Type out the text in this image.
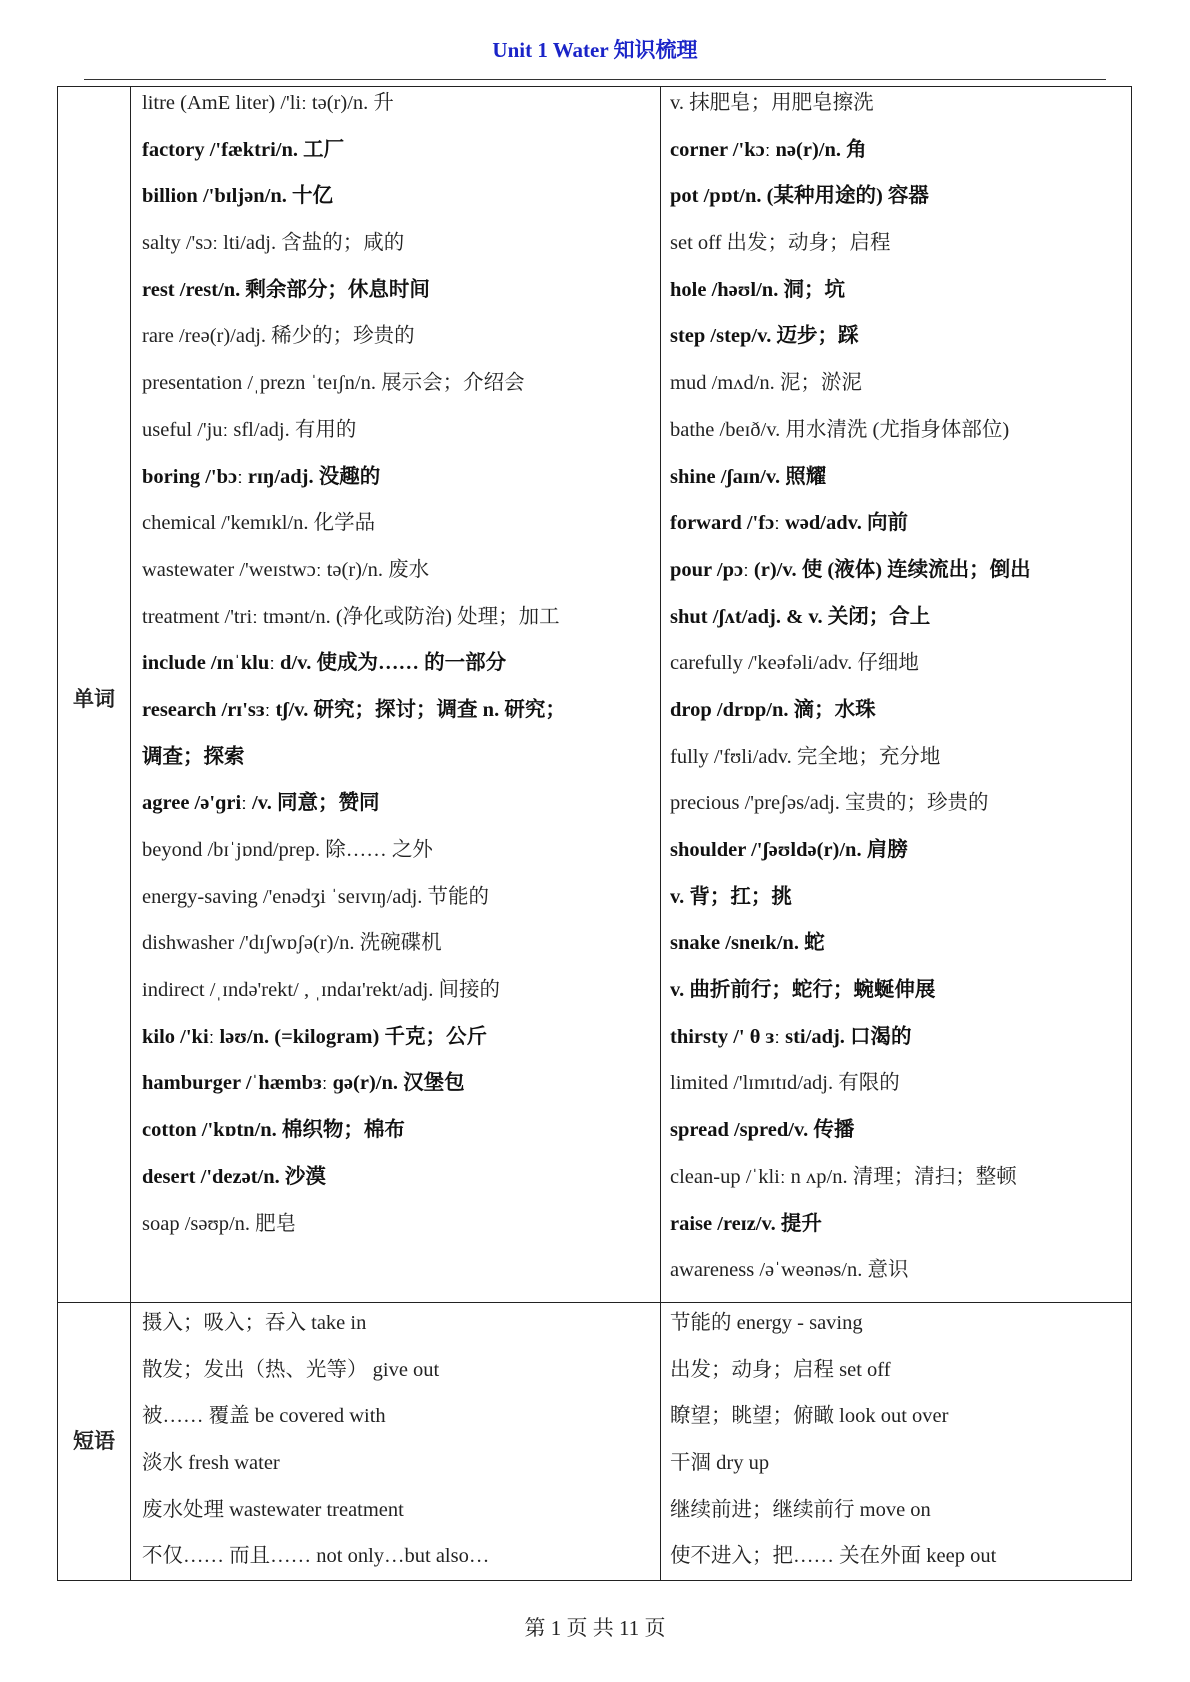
Unit 1 Water 知识梳理
单词
短语
litre (AmE liter) /'liː tə(r)/n. 升
factory /'fæktri/n. 工厂
billion /'bɪljən/n. 十亿
salty /'sɔː lti/adj. 含盐的；咸的
rest /rest/n. 剩余部分；休息时间
rare /reə(r)/adj. 稀少的；珍贵的
presentation /ˌprezn ˈteɪʃn/n. 展示会；介绍会
useful /'juː sfl/adj. 有用的
boring /'bɔː rɪŋ/adj. 没趣的
chemical /'kemɪkl/n. 化学品
wastewater /'weɪstwɔː tə(r)/n. 废水
treatment /'triː tmənt/n. (净化或防治) 处理；加工
include /ɪnˈkluː d/v. 使成为…… 的一部分
research /rɪ'sɜː tʃ/v. 研究；探讨；调查 n. 研究；
调查；探索
agree /ə'ɡriː /v. 同意；赞同
beyond /bɪˈjɒnd/prep. 除…… 之外
energy-saving /'enədʒi ˈseɪvɪŋ/adj. 节能的
dishwasher /'dɪʃwɒʃə(r)/n. 洗碗碟机
indirect /ˌɪndə'rekt/ , ˌɪndaɪ'rekt/adj. 间接的
kilo /'kiː ləʊ/n. (=kilogram) 千克；公斤
hamburger /ˈhæmbɜː ɡə(r)/n. 汉堡包
cotton /'kɒtn/n. 棉织物；棉布
desert /'dezət/n. 沙漠
soap /səʊp/n. 肥皂
v. 抹肥皂；用肥皂擦洗
corner /'kɔː nə(r)/n. 角
pot /pɒt/n. (某种用途的) 容器
set off 出发；动身；启程
hole /həʊl/n. 洞；坑
step /step/v. 迈步；踩
mud /mʌd/n. 泥；淤泥
bathe /beɪð/v. 用水清洗 (尤指身体部位)
shine /ʃaɪn/v. 照耀
forward /'fɔː wəd/adv. 向前
pour /pɔː (r)/v. 使 (液体) 连续流出；倒出
shut /ʃʌt/adj. & v. 关闭；合上
carefully /'keəfəli/adv. 仔细地
drop /drɒp/n. 滴；水珠
fully /'fʊli/adv. 完全地；充分地
precious /'preʃəs/adj. 宝贵的；珍贵的
shoulder /'ʃəʊldə(r)/n. 肩膀
v. 背；扛；挑
snake /sneɪk/n. 蛇
v. 曲折前行；蛇行；蜿蜒伸展
thirsty /' θ ɜː sti/adj. 口渴的
limited /'lɪmɪtɪd/adj. 有限的
spread /spred/v. 传播
clean-up /ˈkliː n ʌp/n. 清理；清扫；整顿
raise /reɪz/v. 提升
awareness /əˈweənəs/n. 意识
摄入；吸入；吞入 take in
散发；发出（热、光等） give out
被…… 覆盖 be covered with
淡水 fresh water
废水处理 wastewater treatment
不仅…… 而且…… not only…but also…
节能的 energy - saving
出发；动身；启程 set off
瞭望；眺望；俯瞰 look out over
干涸 dry up
继续前进；继续前行 move on
使不进入；把…… 关在外面 keep out
第 1 页 共 11 页
